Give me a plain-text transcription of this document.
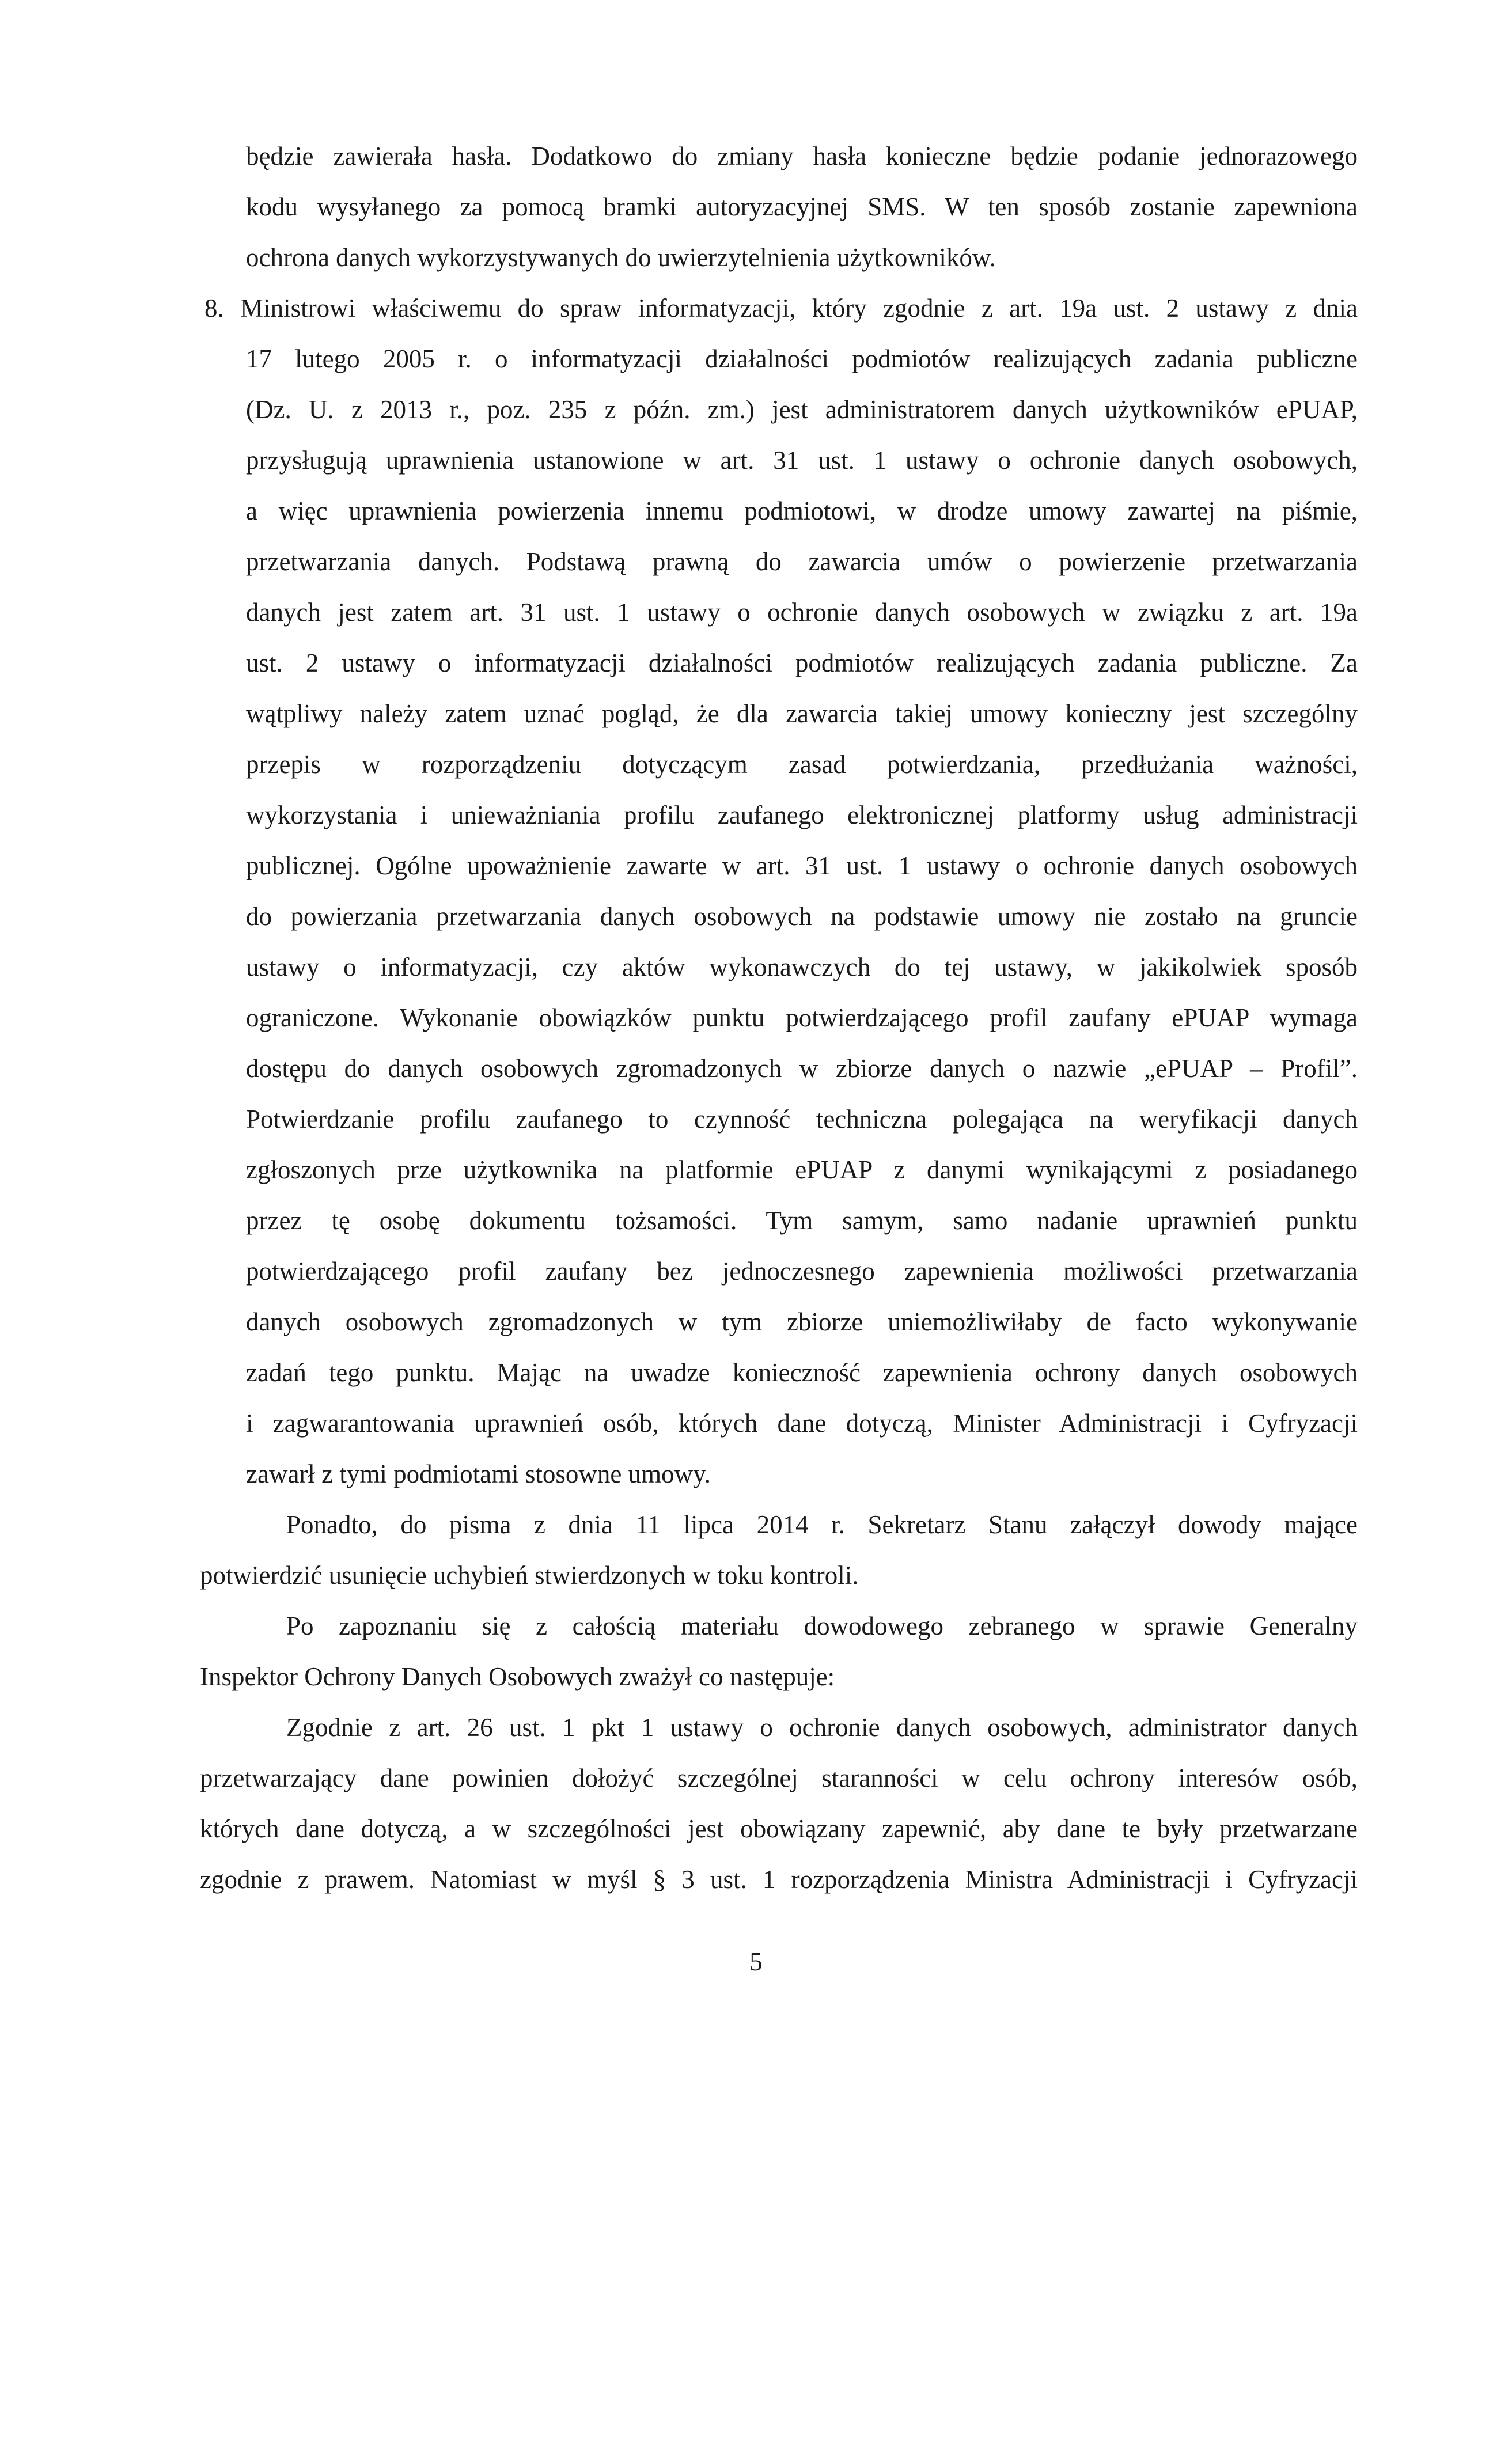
będzie zawierała hasła. Dodatkowo do zmiany hasła konieczne będzie podanie jednorazowego
kodu wysyłanego za pomocą bramki autoryzacyjnej SMS. W ten sposób zostanie zapewniona
ochrona danych wykorzystywanych do uwierzytelnienia użytkowników.
8. Ministrowi właściwemu do spraw informatyzacji, który zgodnie z art. 19a ust. 2 ustawy z dnia
17 lutego 2005 r. o informatyzacji działalności podmiotów realizujących zadania publiczne
(Dz. U. z 2013 r., poz. 235 z późn. zm.) jest administratorem danych użytkowników ePUAP,
przysługują uprawnienia ustanowione w art. 31 ust. 1 ustawy o ochronie danych osobowych,
a więc uprawnienia powierzenia innemu podmiotowi, w drodze umowy zawartej na piśmie,
przetwarzania danych. Podstawą prawną do zawarcia umów o powierzenie przetwarzania
danych jest zatem art. 31 ust. 1 ustawy o ochronie danych osobowych w związku z art. 19a
ust. 2 ustawy o informatyzacji działalności podmiotów realizujących zadania publiczne. Za
wątpliwy należy zatem uznać pogląd, że dla zawarcia takiej umowy konieczny jest szczególny
przepis w rozporządzeniu dotyczącym zasad potwierdzania, przedłużania ważności,
wykorzystania i unieważniania profilu zaufanego elektronicznej platformy usług administracji
publicznej. Ogólne upoważnienie zawarte w art. 31 ust. 1 ustawy o ochronie danych osobowych
do powierzania przetwarzania danych osobowych na podstawie umowy nie zostało na gruncie
ustawy o informatyzacji, czy aktów wykonawczych do tej ustawy, w jakikolwiek sposób
ograniczone. Wykonanie obowiązków punktu potwierdzającego profil zaufany ePUAP wymaga
dostępu do danych osobowych zgromadzonych w zbiorze danych o nazwie „ePUAP – Profil”.
Potwierdzanie profilu zaufanego to czynność techniczna polegająca na weryfikacji danych
zgłoszonych prze użytkownika na platformie ePUAP z danymi wynikającymi z posiadanego
przez tę osobę dokumentu tożsamości. Tym samym, samo nadanie uprawnień punktu
potwierdzającego profil zaufany bez jednoczesnego zapewnienia możliwości przetwarzania
danych osobowych zgromadzonych w tym zbiorze uniemożliwiłaby de facto wykonywanie
zadań tego punktu. Mając na uwadze konieczność zapewnienia ochrony danych osobowych
i zagwarantowania uprawnień osób, których dane dotyczą, Minister Administracji i Cyfryzacji
zawarł z tymi podmiotami stosowne umowy.
Ponadto, do pisma z dnia 11 lipca 2014 r. Sekretarz Stanu załączył dowody mające
potwierdzić usunięcie uchybień stwierdzonych w toku kontroli.
Po zapoznaniu się z całością materiału dowodowego zebranego w sprawie Generalny
Inspektor Ochrony Danych Osobowych zważył co następuje:
Zgodnie z art. 26 ust. 1 pkt 1 ustawy o ochronie danych osobowych, administrator danych
przetwarzający dane powinien dołożyć szczególnej staranności w celu ochrony interesów osób,
których dane dotyczą, a w szczególności jest obowiązany zapewnić, aby dane te były przetwarzane
zgodnie z prawem. Natomiast w myśl § 3 ust. 1 rozporządzenia Ministra Administracji i Cyfryzacji
5
